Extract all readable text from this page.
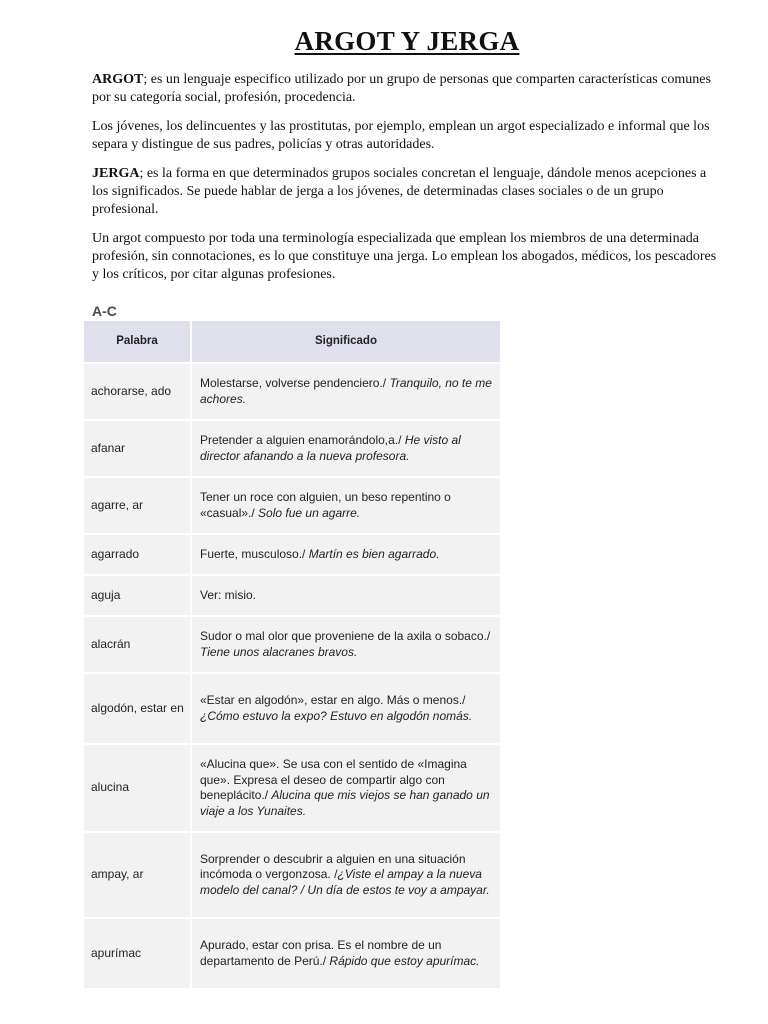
ARGOT Y JERGA

ARGOT; es un lenguaje especifico utilizado por un grupo de personas que comparten características comunes por su categoría social, profesión, procedencia.

Los jóvenes, los delincuentes y las prostitutas, por ejemplo, emplean un argot especializado e informal que los separa y distingue de sus padres, policías y otras autoridades.

JERGA; es la forma en que determinados grupos sociales concretan el lenguaje, dándole menos acepciones a los significados. Se puede hablar de jerga a los jóvenes, de determinadas clases sociales o de un grupo profesional.

Un argot compuesto por toda una terminología especializada que emplean los miembros de una determinada profesión, sin connotaciones, es lo que constituye una jerga. Lo emplean los abogados, médicos, los pescadores y los críticos, por citar algunas profesiones.

A-C
Palabra	Significado
achorarse, ado	Molestarse, volverse pendenciero./ Tranquilo, no te me achores.
afanar	Pretender a alguien enamorándolo,a./ He visto al director afanando a la nueva profesora.
agarre, ar	Tener un roce con alguien, un beso repentino o «casual»./ Solo fue un agarre.
agarrado	Fuerte, musculoso./ Martín es bien agarrado.
aguja	Ver: misio.
alacrán	Sudor o mal olor que proveniene de la axila o sobaco./ Tiene unos alacranes bravos.
algodón, estar en	«Estar en algodón», estar en algo. Más o menos./ ¿Cómo estuvo la expo? Estuvo en algodón nomás.
alucina	«Alucina que». Se usa con el sentido de «Imagina que». Expresa el deseo de compartir algo con beneplácito./ Alucina que mis viejos se han ganado un viaje a los Yunaites.
ampay, ar	Sorprender o descubrir a alguien en una situación incómoda o vergonzosa. /¿Viste el ampay a la nueva modelo del canal? / Un día de estos te voy a ampayar.
apurímac	Apurado, estar con prisa. Es el nombre de un departamento de Perú./ Rápido que estoy apurímac.
